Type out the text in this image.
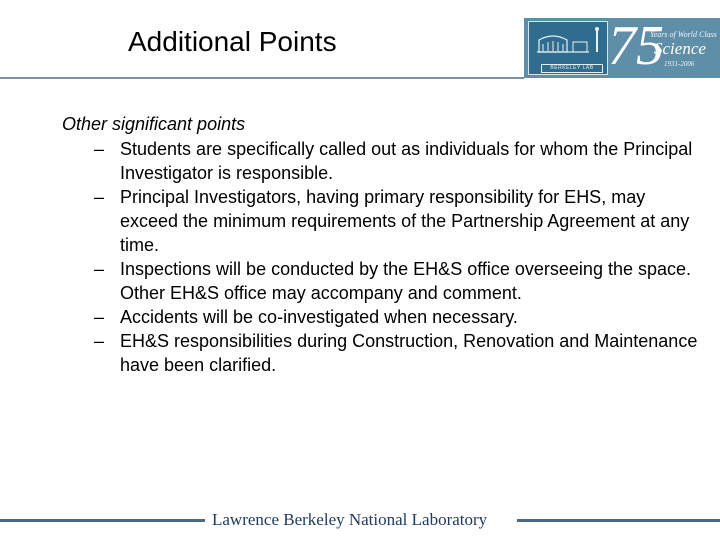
Additional Points
BERKELEY LAB 75
Years of World Class
Science
1931-2006
Other significant points
– Students are specifically called out as individuals for whom the Principal Investigator is responsible.
– Principal Investigators, having primary responsibility for EHS, may exceed the minimum requirements of the Partnership Agreement at any time.
– Inspections will be conducted by the EH&S office overseeing the space. Other EH&S office may accompany and comment.
– Accidents will be co-investigated when necessary.
– EH&S responsibilities during Construction, Renovation and Maintenance have been clarified.
Lawrence Berkeley National Laboratory
